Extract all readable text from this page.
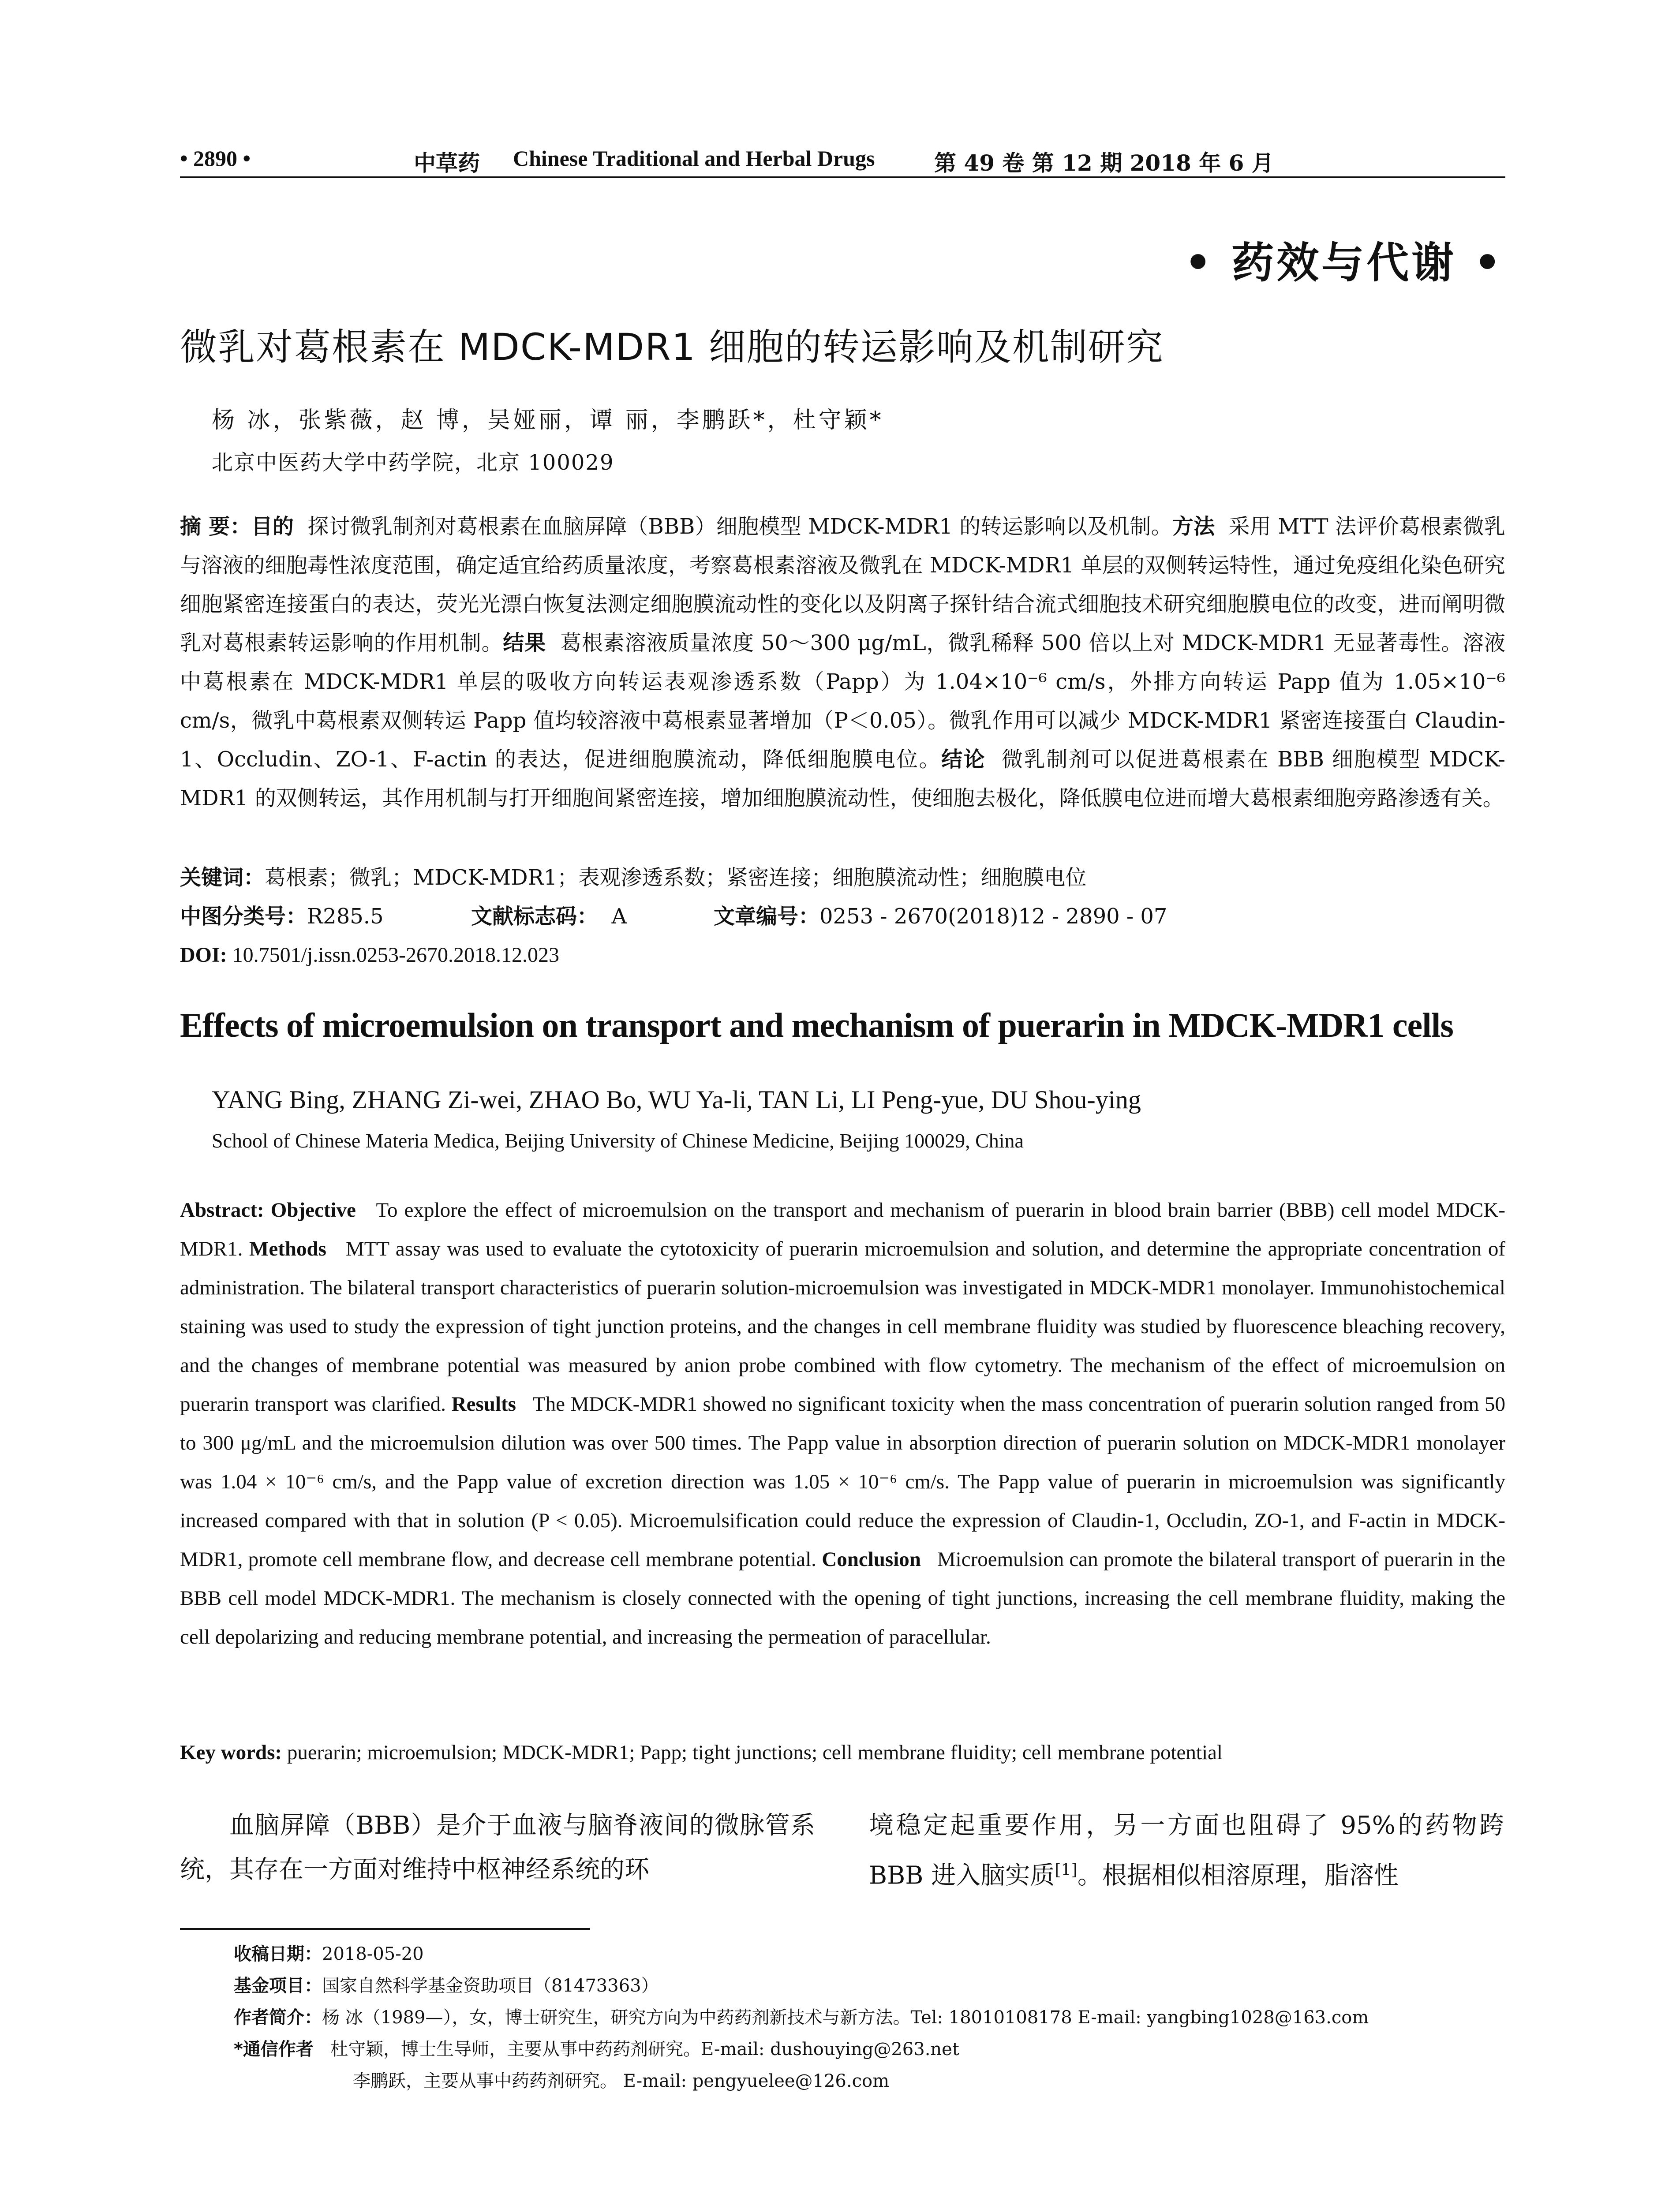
• 2890 •	中草药 Chinese Traditional and Herbal Drugs	第 49 卷 第 12 期 2018 年 6 月
• 药效与代谢 •
微乳对葛根素在 MDCK-MDR1 细胞的转运影响及机制研究
杨 冰，张紫薇，赵 博，吴娅丽，谭 丽，李鹏跃*，杜守颖*
北京中医药大学中药学院，北京 100029
摘 要：目的 探讨微乳制剂对葛根素在血脑屏障（BBB）细胞模型 MDCK-MDR1 的转运影响以及机制。方法 采用 MTT 法评价葛根素微乳与溶液的细胞毒性浓度范围，确定适宜给药质量浓度，考察葛根素溶液及微乳在 MDCK-MDR1 单层的双侧转运特性，通过免疫组化染色研究细胞紧密连接蛋白的表达，荧光光漂白恢复法测定细胞膜流动性的变化以及阴离子探针结合流式细胞技术研究细胞膜电位的改变，进而阐明微乳对葛根素转运影响的作用机制。结果 葛根素溶液质量浓度 50～300 μg/mL，微乳稀释 500 倍以上对 MDCK-MDR1 无显著毒性。溶液中葛根素在 MDCK-MDR1 单层的吸收方向转运表观渗透系数（Papp）为 1.04×10⁻⁶ cm/s，外排方向转运 Papp 值为 1.05×10⁻⁶ cm/s，微乳中葛根素双侧转运 Papp 值均较溶液中葛根素显著增加（P＜0.05）。微乳作用可以减少 MDCK-MDR1 紧密连接蛋白 Claudin-1、Occludin、ZO-1、F-actin 的表达，促进细胞膜流动，降低细胞膜电位。结论 微乳制剂可以促进葛根素在 BBB 细胞模型 MDCK-MDR1 的双侧转运，其作用机制与打开细胞间紧密连接，增加细胞膜流动性，使细胞去极化，降低膜电位进而增大葛根素细胞旁路渗透有关。
关键词：葛根素；微乳；MDCK-MDR1；表观渗透系数；紧密连接；细胞膜流动性；细胞膜电位
中图分类号：R285.5	文献标志码： A	文章编号：0253 - 2670(2018)12 - 2890 - 07
DOI: 10.7501/j.issn.0253-2670.2018.12.023
Effects of microemulsion on transport and mechanism of puerarin in MDCK-MDR1 cells
YANG Bing, ZHANG Zi-wei, ZHAO Bo, WU Ya-li, TAN Li, LI Peng-yue, DU Shou-ying
School of Chinese Materia Medica, Beijing University of Chinese Medicine, Beijing 100029, China
Abstract: Objective To explore the effect of microemulsion on the transport and mechanism of puerarin in blood brain barrier (BBB) cell model MDCK-MDR1. Methods MTT assay was used to evaluate the cytotoxicity of puerarin microemulsion and solution, and determine the appropriate concentration of administration. The bilateral transport characteristics of puerarin solution-microemulsion was investigated in MDCK-MDR1 monolayer. Immunohistochemical staining was used to study the expression of tight junction proteins, and the changes in cell membrane fluidity was studied by fluorescence bleaching recovery, and the changes of membrane potential was measured by anion probe combined with flow cytometry. The mechanism of the effect of microemulsion on puerarin transport was clarified. Results The MDCK-MDR1 showed no significant toxicity when the mass concentration of puerarin solution ranged from 50 to 300 μg/mL and the microemulsion dilution was over 500 times. The Papp value in absorption direction of puerarin solution on MDCK-MDR1 monolayer was 1.04 × 10⁻⁶ cm/s, and the Papp value of excretion direction was 1.05 × 10⁻⁶ cm/s. The Papp value of puerarin in microemulsion was significantly increased compared with that in solution (P < 0.05). Microemulsification could reduce the expression of Claudin-1, Occludin, ZO-1, and F-actin in MDCK-MDR1, promote cell membrane flow, and decrease cell membrane potential. Conclusion Microemulsion can promote the bilateral transport of puerarin in the BBB cell model MDCK-MDR1. The mechanism is closely connected with the opening of tight junctions, increasing the cell membrane fluidity, making the cell depolarizing and reducing membrane potential, and increasing the permeation of paracellular.
Key words: puerarin; microemulsion; MDCK-MDR1; Papp; tight junctions; cell membrane fluidity; cell membrane potential
血脑屏障（BBB）是介于血液与脑脊液间的微脉管系统，其存在一方面对维持中枢神经系统的环
境稳定起重要作用，另一方面也阻碍了 95%的药物跨 BBB 进入脑实质[1]。根据相似相溶原理，脂溶性
收稿日期：2018-05-20
基金项目：国家自然科学基金资助项目（81473363）
作者简介：杨 冰（1989—），女，博士研究生，研究方向为中药药剂新技术与新方法。Tel: 18010108178 E-mail: yangbing1028@163.com
*通信作者 杜守颖，博士生导师，主要从事中药药剂研究。E-mail: dushouying@263.net
李鹏跃，主要从事中药药剂研究。 E-mail: pengyuelee@126.com
